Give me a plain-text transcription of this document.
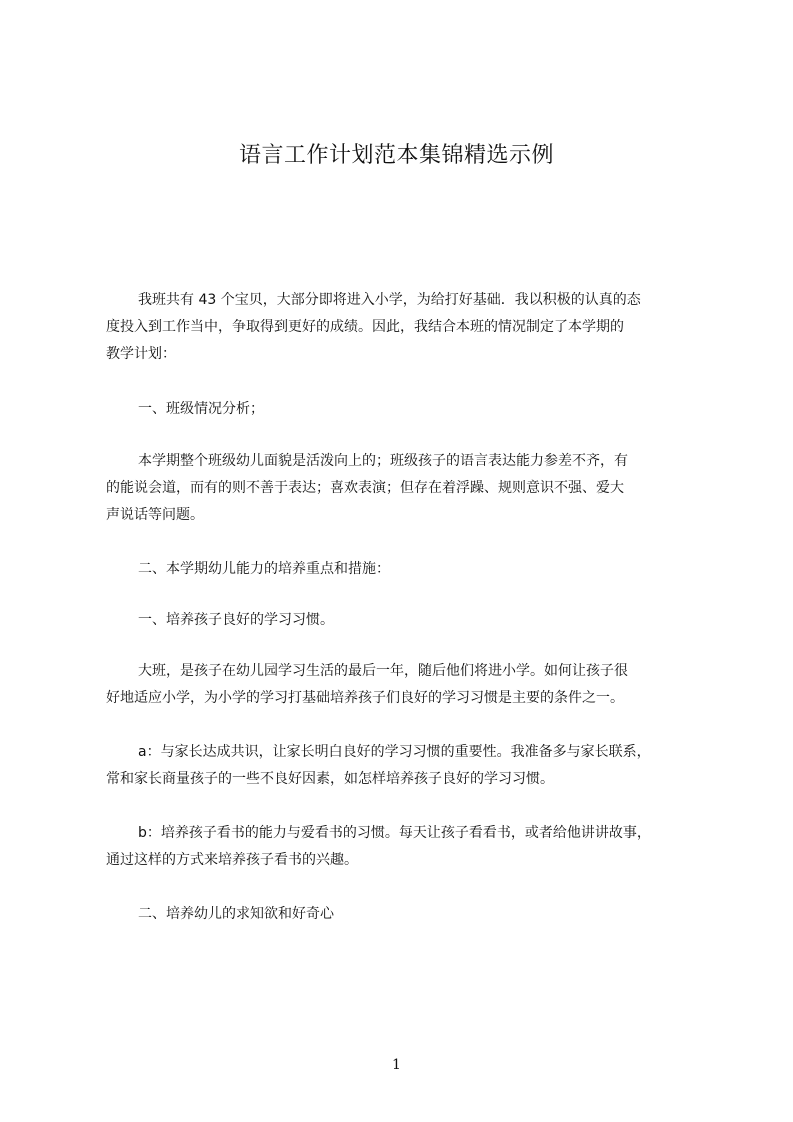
语言工作计划范本集锦精选示例

我班共有 43 个宝贝，大部分即将进入小学，为给打好基础．我以积极的认真的态
度投入到工作当中，争取得到更好的成绩。因此，我结合本班的情况制定了本学期的
教学计划：

一、班级情况分析；

本学期整个班级幼儿面貌是活泼向上的；班级孩子的语言表达能力参差不齐，有
的能说会道，而有的则不善于表达；喜欢表演；但存在着浮躁、规则意识不强、爱大
声说话等问题。

二、本学期幼儿能力的培养重点和措施：
一、培养孩子良好的学习习惯。

大班，是孩子在幼儿园学习生活的最后一年，随后他们将进小学。如何让孩子很
好地适应小学，为小学的学习打基础培养孩子们良好的学习习惯是主要的条件之一。

a：与家长达成共识，让家长明白良好的学习习惯的重要性。我准备多与家长联系，
常和家长商量孩子的一些不良好因素，如怎样培养孩子良好的学习习惯。

b：培养孩子看书的能力与爱看书的习惯。每天让孩子看看书，或者给他讲讲故事，
通过这样的方式来培养孩子看书的兴趣。

二、培养幼儿的求知欲和好奇心
1
